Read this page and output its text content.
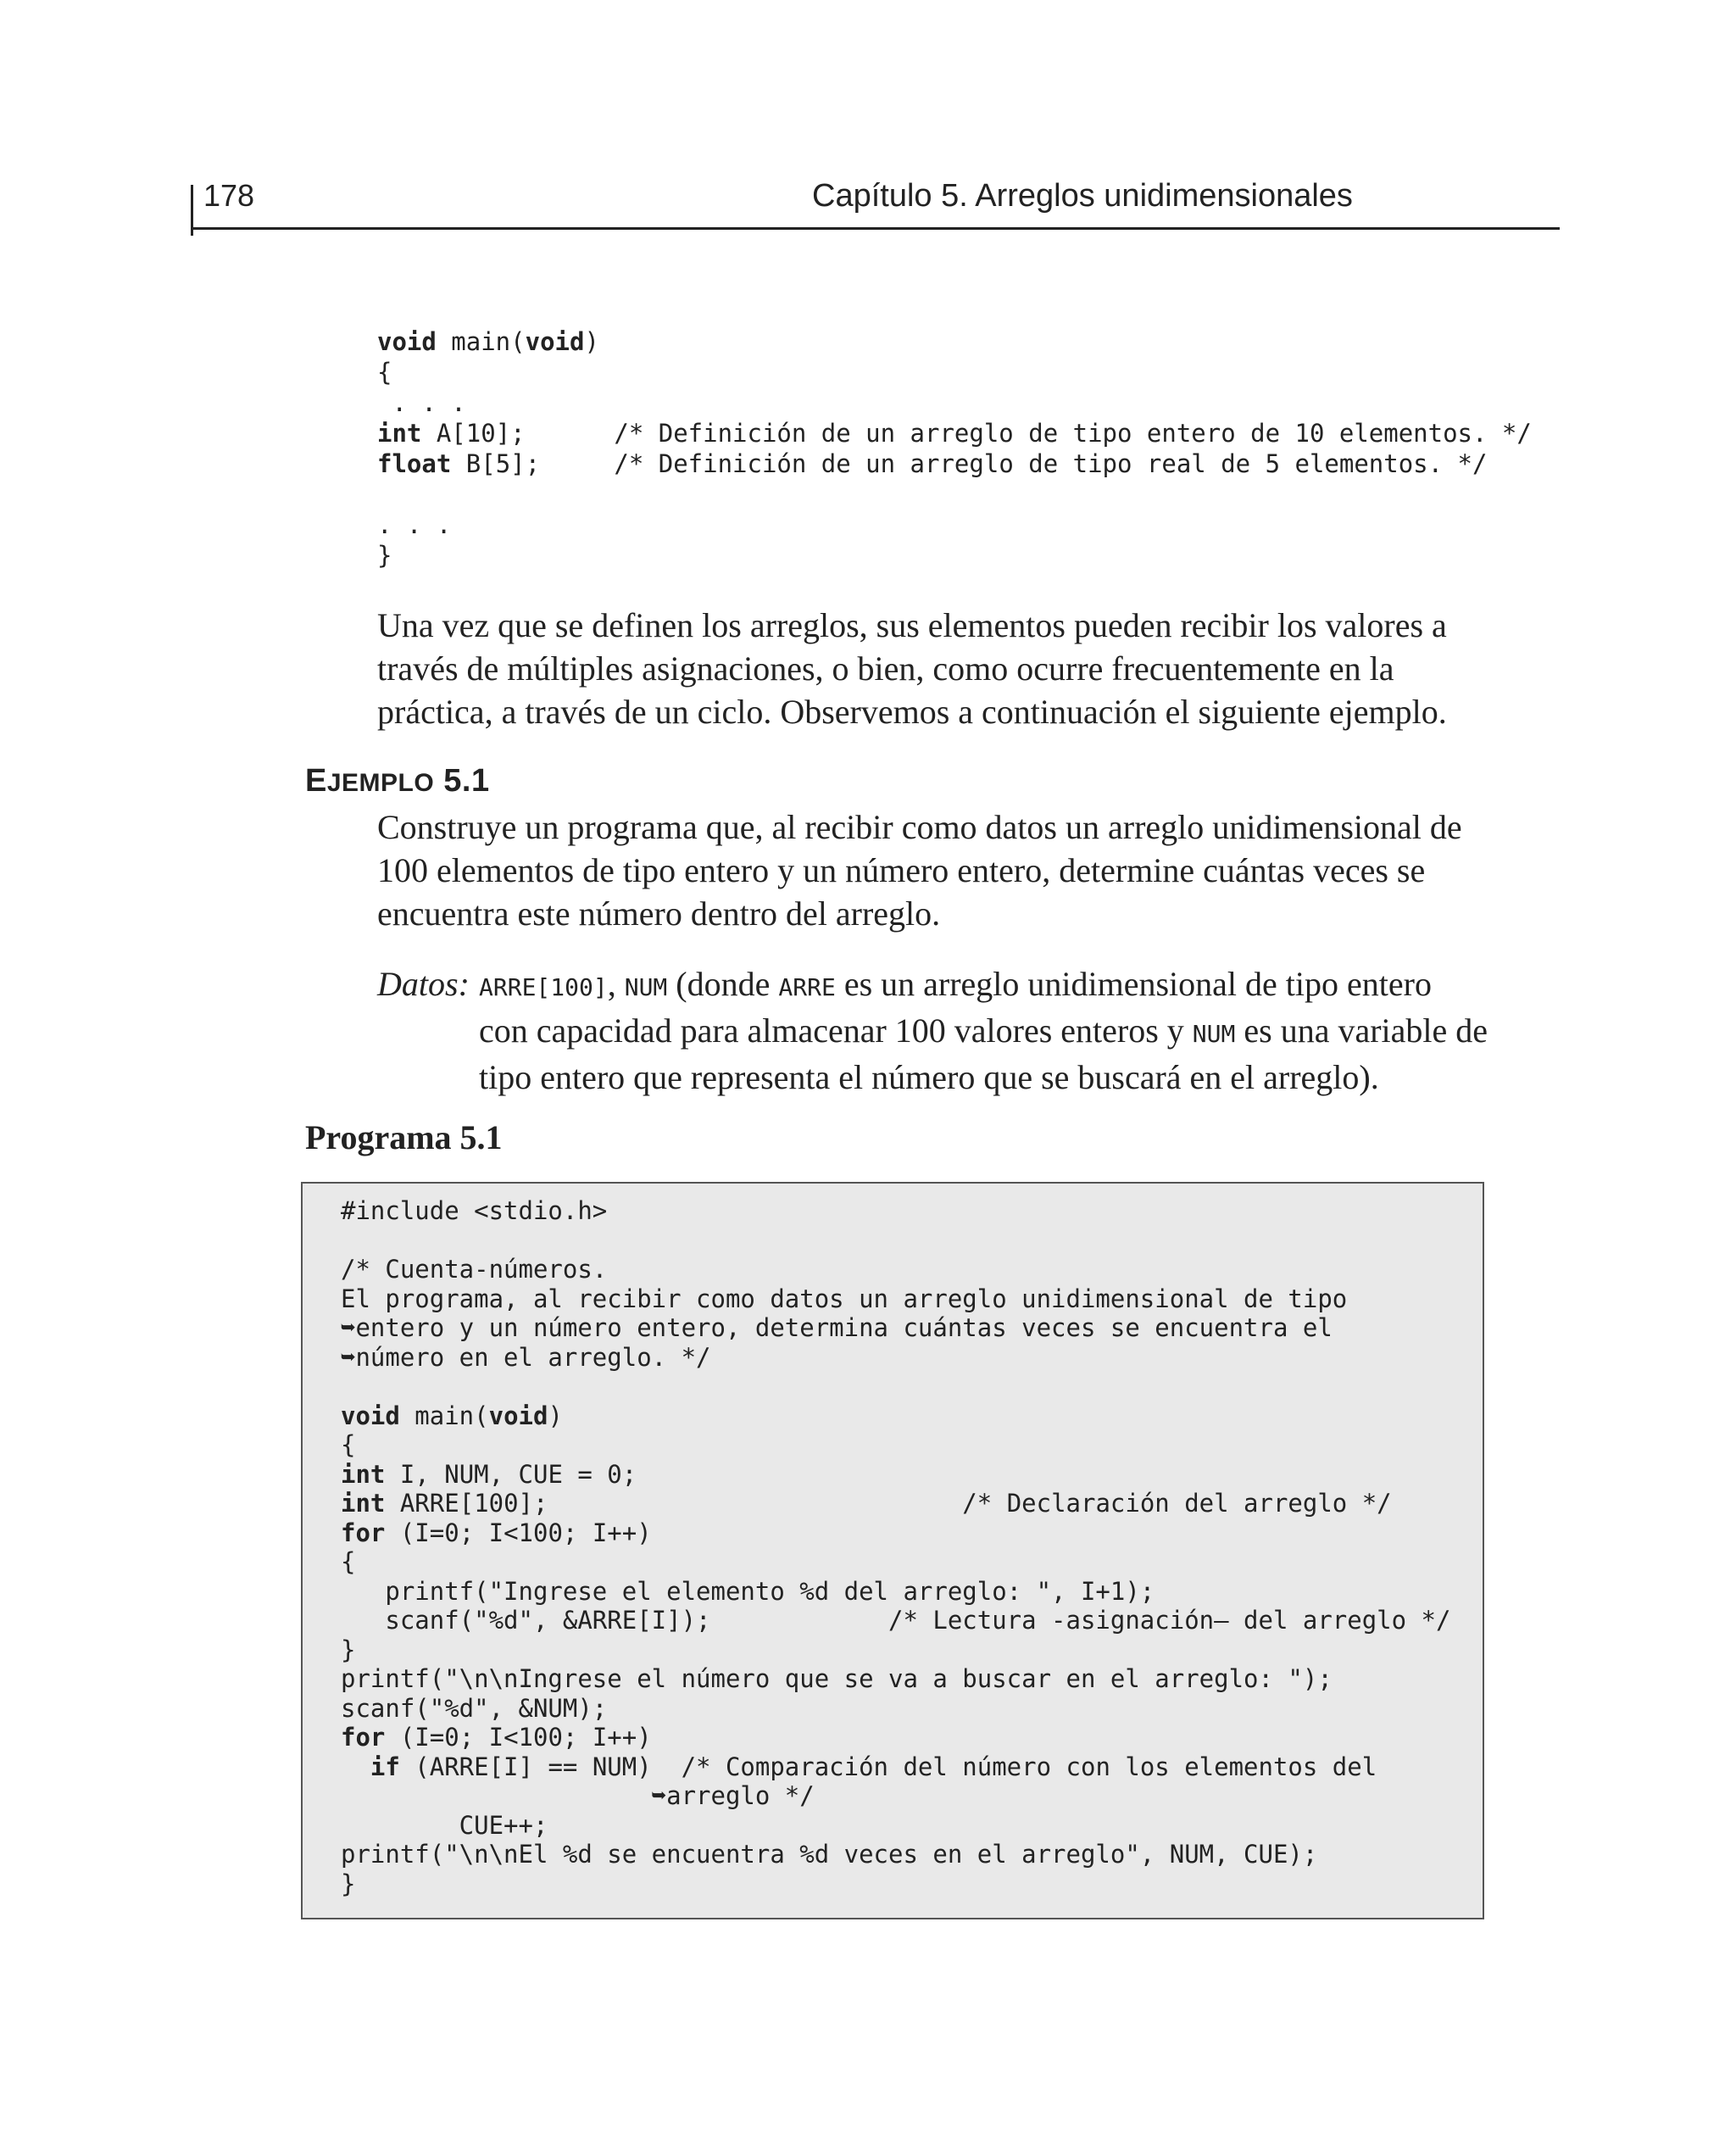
178	Capítulo 5. Arreglos unidimensionales
void main(void)
{
. . .
int A[10];      /* Definición de un arreglo de tipo entero de 10 elementos. */
float B[5];     /* Definición de un arreglo de tipo real de 5 elementos. */

. . .
}
Una vez que se definen los arreglos, sus elementos pueden recibir los valores a través de múltiples asignaciones, o bien, como ocurre frecuentemente en la práctica, a través de un ciclo. Observemos a continuación el siguiente ejemplo.
EJEMPLO 5.1
Construye un programa que, al recibir como datos un arreglo unidimensional de 100 elementos de tipo entero y un número entero, determine cuántas veces se encuentra este número dentro del arreglo.
Datos: ARRE[100], NUM (donde ARRE es un arreglo unidimensional de tipo entero con capacidad para almacenar 100 valores enteros y NUM es una variable de tipo entero que representa el número que se buscará en el arreglo).
Programa 5.1
#include <stdio.h>

/* Cuenta-números.
El programa, al recibir como datos un arreglo unidimensional de tipo
➥entero y un número entero, determina cuántas veces se encuentra el
➥número en el arreglo. */

void main(void)
{
int I, NUM, CUE = 0;
int ARRE[100];                            /* Declaración del arreglo */
for (I=0; I<100; I++)
{
printf("Ingrese el elemento %d del arreglo: ", I+1);
scanf("%d", &ARRE[I]);            /* Lectura -asignación— del arreglo */
}
printf("\n\nIngrese el número que se va a buscar en el arreglo: ");
scanf("%d", &NUM);
for (I=0; I<100; I++)
if (ARRE[I] == NUM)  /* Comparación del número con los elementos del
➥arreglo */
CUE++;
printf("\n\nEl %d se encuentra %d veces en el arreglo", NUM, CUE);
}
